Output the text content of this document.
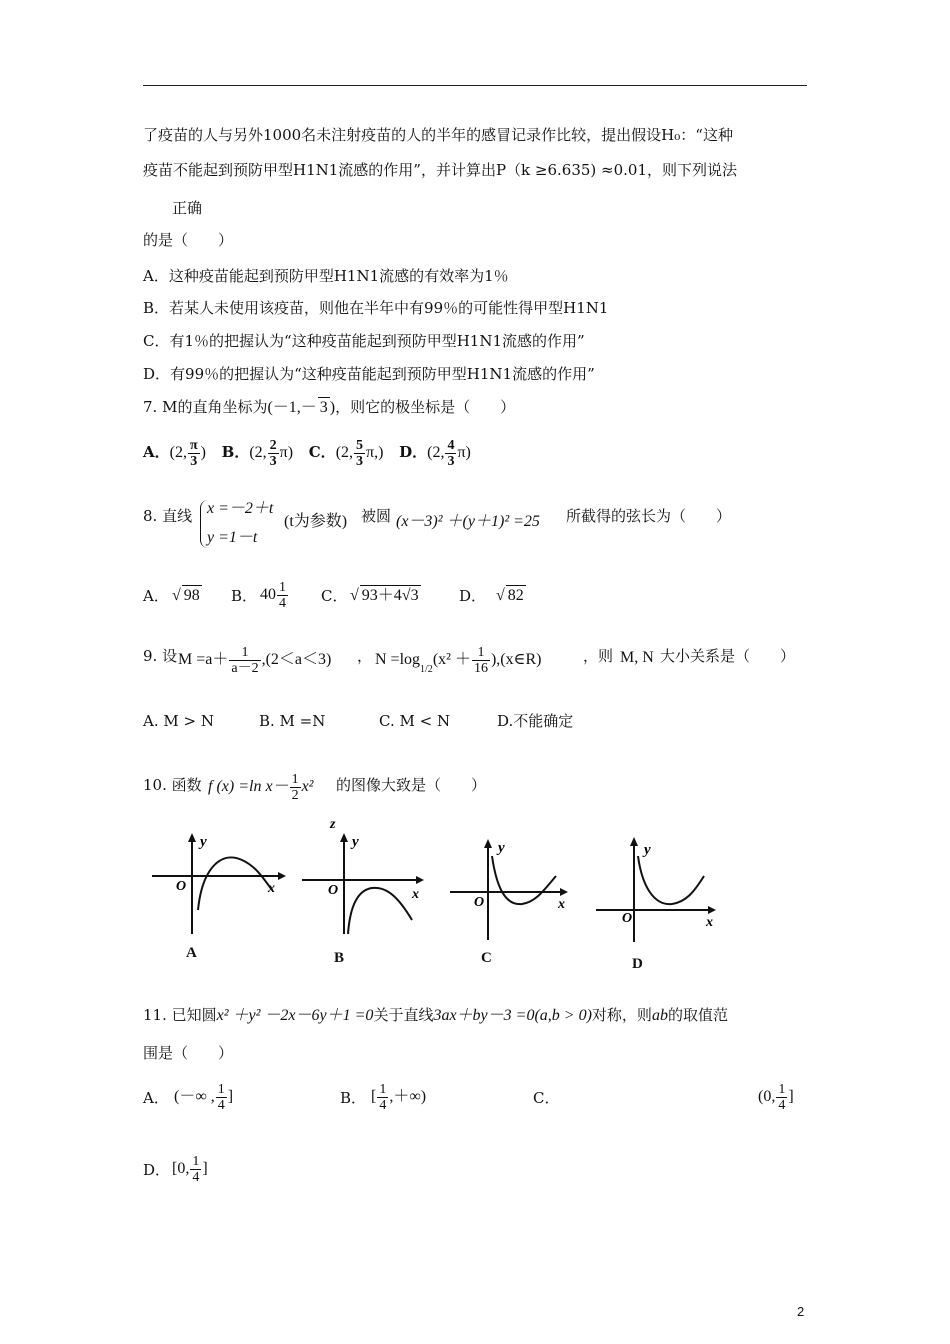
了疫苗的人与另外1000名未注射疫苗的人的半年的感冒记录作比较，提出假设H₀：“这种
疫苗不能起到预防甲型H1N1流感的作用”，并计算出P（k ≥6.635) ≈0.01，则下列说法
正确
的是（　　）
A．这种疫苗能起到预防甲型H1N1流感的有效率为1％
B．若某人未使用该疫苗，则他在半年中有99％的可能性得甲型H1N1
C．有1％的把握认为“这种疫苗能起到预防甲型H1N1流感的作用”
D．有99％的把握认为“这种疫苗能起到预防甲型H1N1流感的作用”
7. M的直角坐标为(－1,－ 3 )，则它的极坐标是（　　）
A．(2, $\frac{\pi}{3}$ ) B．(2, $\frac{2}{3} \pi$) C．(2, $\frac{5}{3} \pi$,) D．(2, $\frac{4}{3} \pi$)
8. 直线 x =－2＋t
y =1－t
(t为参数) 被圆 (x－3)² ＋(y＋1)² =25 所截得的弦长为（　　）
A． √ 98 B． $40 \frac{1}{4}$ C． √ 93＋4√3	D． √ 82
9. 设 $M =a+ \frac{1}{a-2} ,(2<a<3)$ ， $N =\log_{1/2}(x^2 + \frac{1}{16}$ ),(x∈R)	，则 M, N 大小关系是（　　）
A. M > N	B. M =N	C. M < N	D.不能确定
10. 函数 f (x) =ln $x- \frac{1}{2} x^2$ 的图像大致是（　　）
y
O	x
A
z
y
O	x
B
y
O	x
C
y
O	x
D
11. 已知圆x² ＋y² －2x－6y＋1 =0关于直线3ax＋by－3 =0(a,b > 0)对称，则ab的取值范
围是（　　）
A． (－∞ , $\frac{1}{4}$ ]	B． [ $\frac{1}{4}$ ,＋∞)	C．	(0, $\frac{1}{4}$ ]
D． [0, $\frac{1}{4}$ ]
2
